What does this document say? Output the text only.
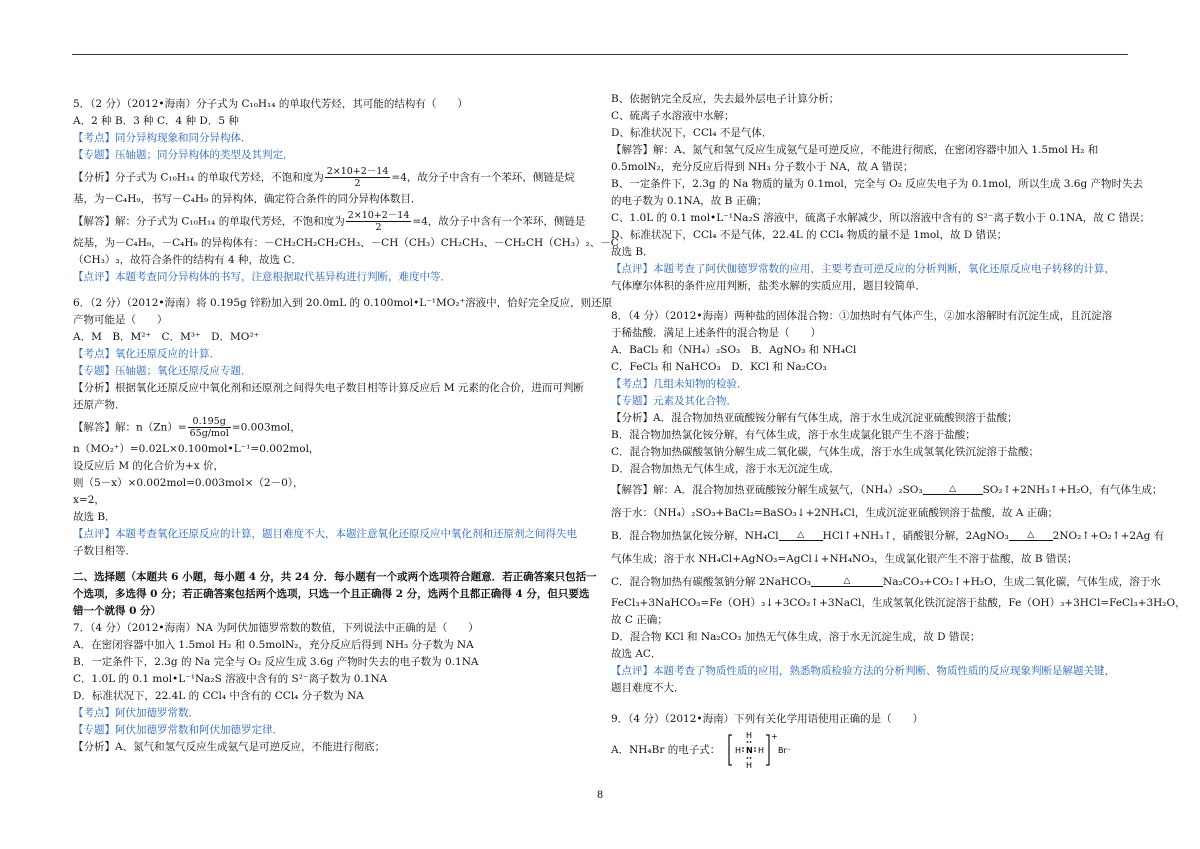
5．（2 分）（2012•海南）分子式为 C₁₀H₁₄ 的单取代芳烃，其可能的结构有（　　）
A．2 种 B．3 种 C．4 种 D．5 种
【考点】同分异构现象和同分异构体．
【专题】压轴题；同分异构体的类型及其判定．
【分析】分子式为 C₁₀H₁₄ 的单取代芳烃，不饱和度为 $\frac{2\times 10+2-14}{2} =4$，故分子中含有一个苯环，侧链是烷
基，为－C₄H₉，书写－C₄H₉ 的异构体，确定符合条件的同分异构体数目．
【解答】解：分子式为 C₁₀H₁₄ 的单取代芳烃，不饱和度为 $\frac{2\times 10+2-14}{2} =4$，故分子中含有一个苯环，侧链是
烷基，为－C₄H₉，－C₄H₉ 的异构体有：－CH₂CH₂CH₂CH₃、－CH（CH₃）CH₂CH₃、－CH₂CH（CH₃）₂、－C
（CH₃）₃，故符合条件的结构有 4 种，故选 C．
【点评】本题考查同分异构体的书写，注意根据取代基异构进行判断，难度中等．
6．（2 分）（2012•海南）将 0.195g 锌粉加入到 20.0mL 的 0.100mol•L⁻¹MO₂⁺溶液中，恰好完全反应，则还原
产物可能是（　　）
A．M　B．M²⁺　C．M³⁺　D．MO²⁺
【考点】氧化还原反应的计算．
【专题】压轴题；氧化还原反应专题．
【分析】根据氧化还原反应中氧化剂和还原剂之间得失电子数目相等计算反应后 M 元素的化合价，进而可判断
还原产物．
【解答】解：$n(Zn)= \frac{0.195g}{\text{65g/mol}} =0.003mol$，
n（MO₂⁺）=0.02L×0.100mol•L⁻¹=0.002mol，
设反应后 M 的化合价为+x 价，
则（5－x）×0.002mol=0.003mol×（2－0），
x=2，
故选 B．
【点评】本题考查氧化还原反应的计算，题目难度不大，本题注意氧化还原反应中氧化剂和还原剂之间得失电
子数目相等．
二、选择题（本题共 6 小题，每小题 4 分，共 24 分．每小题有一个或两个选项符合题意．若正确答案只包括一
个选项，多选得 0 分；若正确答案包括两个选项，只选一个且正确得 2 分，选两个且都正确得 4 分，但只要选
错一个就得 0 分）
7．（4 分）（2012•海南）NA 为阿伏加德罗常数的数值，下列说法中正确的是（　　）
A．在密闭容器中加入 1.5mol H₂ 和 0.5molN₂，充分反应后得到 NH₃ 分子数为 NA
B．一定条件下，2.3g 的 Na 完全与 O₂ 反应生成 3.6g 产物时失去的电子数为 0.1NA
C．1.0L 的 0.1 mol•L⁻¹Na₂S 溶液中含有的 S²⁻离子数为 0.1NA
D．标准状况下，22.4L 的 CCl₄ 中含有的 CCl₄ 分子数为 NA
【考点】阿伏加德罗常数．
【专题】阿伏加德罗常数和阿伏加德罗定律．
【分析】A、氮气和氢气反应生成氨气是可逆反应，不能进行彻底；
B、依据钠完全反应，失去最外层电子计算分析；
C、硫离子水溶液中水解；
D、标准状况下，CCl₄ 不是气体．
【解答】解：A、氮气和氢气反应生成氨气是可逆反应，不能进行彻底，在密闭容器中加入 1.5mol H₂ 和
0.5molN₂，充分反应后得到 NH₃ 分子数小于 NA，故 A 错误；
B、一定条件下，2.3g 的 Na 物质的量为 0.1mol，完全与 O₂ 反应失电子为 0.1mol，所以生成 3.6g 产物时失去
的电子数为 0.1NA，故 B 正确；
C、1.0L 的 0.1 mol•L⁻¹Na₂S 溶液中，硫离子水解减少，所以溶液中含有的 S²⁻离子数小于 0.1NA，故 C 错误；
D、标准状况下，CCl₄ 不是气体，22.4L 的 CCl₄ 物质的量不是 1mol，故 D 错误；
故选 B．
【点评】本题考查了阿伏伽德罗常数的应用，主要考查可逆反应的分析判断，氧化还原反应电子转移的计算，
气体摩尔体积的条件应用判断，盐类水解的实质应用，题目较简单．
8．（4 分）（2012•海南）两种盐的固体混合物：①加热时有气体产生，②加水溶解时有沉淀生成，且沉淀溶
于稀盐酸．满足上述条件的混合物是（　　）
A．BaCl₂ 和（NH₄）₂SO₃　B．AgNO₃ 和 NH₄Cl
C．FeCl₃ 和 NaHCO₃　D．KCl 和 Na₂CO₃
【考点】几组未知物的检验．
【专题】元素及其化合物．
【分析】A．混合物加热亚硫酸铵分解有气体生成，溶于水生成沉淀亚硫酸钡溶于盐酸；
B．混合物加热氯化铵分解，有气体生成，溶于水生成氯化银产生不溶于盐酸；
C．混合物加热碳酸氢钠分解生成二氧化碳，气体生成，溶于水生成氢氧化铁沉淀溶于盐酸；
D．混合物加热无气体生成，溶于水无沉淀生成．
【解答】解：A．混合物加热亚硫酸铵分解生成氨气，（NH₄）₂SO₃	△	SO₂↑+2NH₃↑+H₂O，有气体生成；
溶于水：（NH₄）₂SO₃+BaCl₂=BaSO₃↓+2NH₄Cl，生成沉淀亚硫酸钡溶于盐酸，故 A 正确；
B．混合物加热氯化铵分解，NH₄Cl	△	HCl↑+NH₃↑，硝酸银分解，2AgNO₃	△	2NO₂↑+O₂↑+2Ag 有
气体生成；溶于水 NH₄Cl+AgNO₃=AgCl↓+NH₄NO₃，生成氯化银产生不溶于盐酸，故 B 错误；
C．混合物加热有碳酸氢钠分解 2NaHCO₃	△	Na₂CO₃+CO₂↑+H₂O，生成二氧化碳，气体生成，溶于水
FeCl₃+3NaHCO₃=Fe（OH）₃↓+3CO₂↑+3NaCl，生成氢氧化铁沉淀溶于盐酸，Fe（OH）₃+3HCl=FeCl₃+3H₂O，
故 C 正确；
D．混合物 KCl 和 Na₂CO₃ 加热无气体生成，溶于水无沉淀生成，故 D 错误；
故选 AC．
【点评】本题考查了物质性质的应用，熟悉物质检验方法的分析判断、物质性质的反应现象判断是解题关键，
题目难度不大．
9．（4 分）（2012•海南）下列有关化学用语使用正确的是（　　）
A．NH₄Br 的电子式：
H
H N H
H
+
Br⁻
8
